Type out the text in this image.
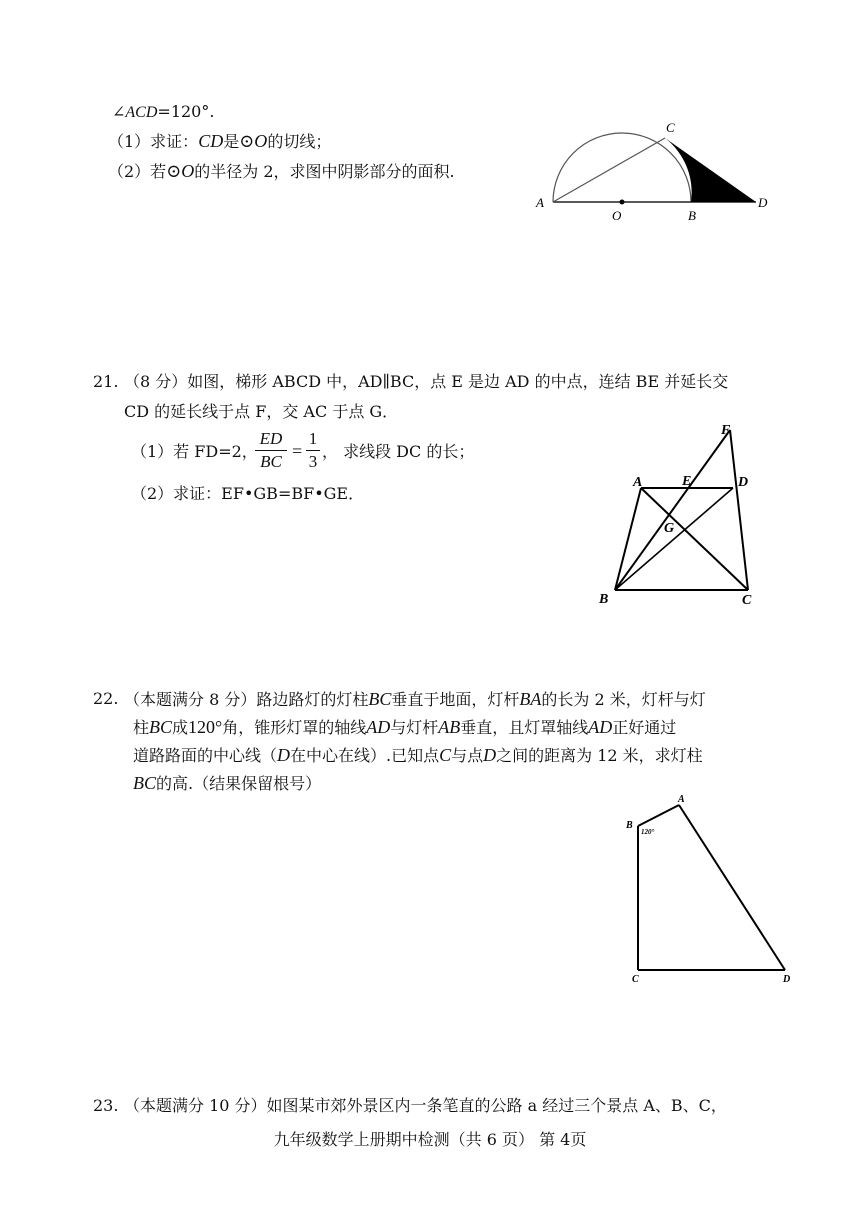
∠ACD=120°.
（1）求证：CD是⊙O的切线；
（2）若⊙O的半径为 2，求图中阴影部分的面积.
A
O	B
C
D
21. （8 分）如图，梯形 ABCD 中，AD∥BC，点 E 是边 AD 的中点，连结 BE 并延长交
CD 的延长线于点 F，交 AC 于点 G．
（1）若 FD=2，
ED
BC
=
1
3
， 求线段 DC 的长；
（2）求证：EF•GB=BF•GE．
F
A	E	D
G
B	C
22. （本题满分 8 分）路边路灯的灯柱BC垂直于地面，灯杆BA的长为 2 米，灯杆与灯
柱BC成120°角，锥形灯罩的轴线AD与灯杆AB垂直，且灯罩轴线AD正好通过
道路路面的中心线（D在中心在线）.已知点C与点D之间的距离为 12 米，求灯柱
BC的高.（结果保留根号）
A
B
120°
C	D
23. （本题满分 10 分）如图某市郊外景区内一条笔直的公路 a 经过三个景点 A、B、C，
九年级数学上册期中检测（共 6 页） 第 4页
